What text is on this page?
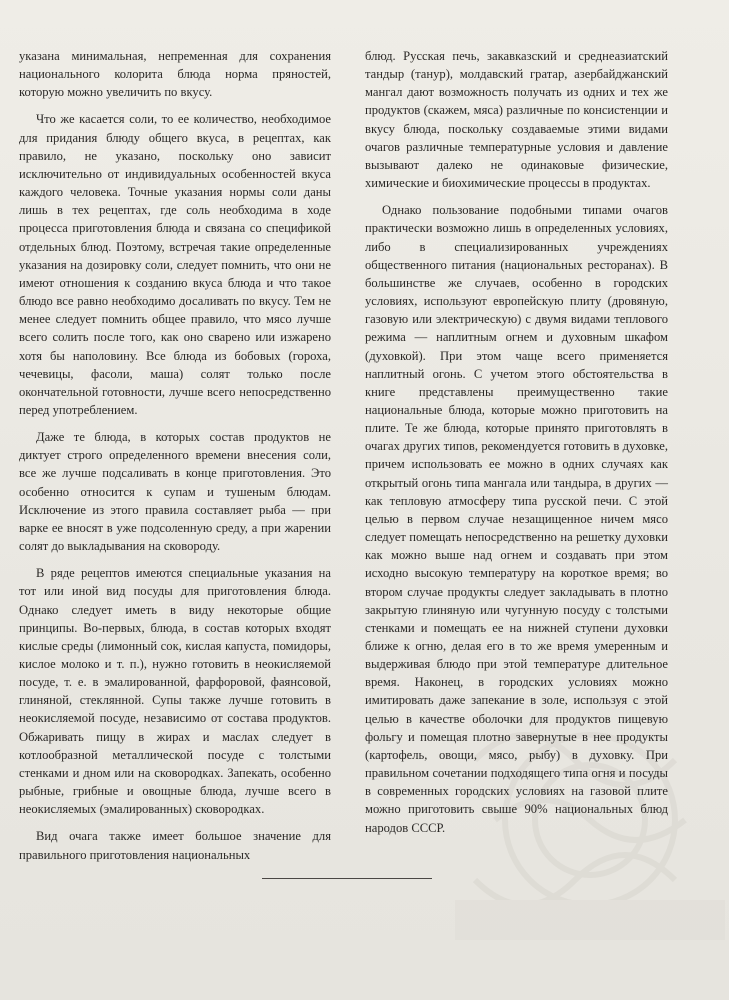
указана минимальная, непременная для сохранения национального колорита блюда норма пряностей, которую можно увеличить по вкусу.

Что же касается соли, то ее количество, необходимое для придания блюду общего вкуса, в рецептах, как правило, не указано, поскольку оно зависит исключительно от индивидуальных особенностей вкуса каждого человека. Точные указания нормы соли даны лишь в тех рецептах, где соль необходима в ходе процесса приготовления блюда и связана со спецификой отдельных блюд. Поэтому, встречая такие определенные указания на дозировку соли, следует помнить, что они не имеют отношения к созданию вкуса блюда и что такое блюдо все равно необходимо досаливать по вкусу. Тем не менее следует помнить общее правило, что мясо лучше всего солить после того, как оно сварено или изжарено хотя бы наполовину. Все блюда из бобовых (гороха, чечевицы, фасоли, маша) солят только после окончательной готовности, лучше всего непосредственно перед употреблением.

Даже те блюда, в которых состав продуктов не диктует строго определенного времени внесения соли, все же лучше подсаливать в конце приготовления. Это особенно относится к супам и тушеным блюдам. Исключение из этого правила составляет рыба — при варке ее вносят в уже подсоленную среду, а при жарении солят до выкладывания на сковороду.

В ряде рецептов имеются специальные указания на тот или иной вид посуды для приготовления блюда. Однако следует иметь в виду некоторые общие принципы. Во-первых, блюда, в состав которых входят кислые среды (лимонный сок, кислая капуста, помидоры, кислое молоко и т. п.), нужно готовить в неокисляемой посуде, т. е. в эмалированной, фарфоровой, фаянсовой, глиняной, стеклянной. Супы также лучше готовить в неокисляемой посуде, независимо от состава продуктов. Обжаривать пищу в жирах и маслах следует в котлообразной металлической посуде с толстыми стенками и дном или на сковородках. Запекать, особенно рыбные, грибные и овощные блюда, лучше всего в неокисляемых (эмалированных) сковородках.

Вид очага также имеет большое значение для правильного приготовления национальных

блюд. Русская печь, закавказский и среднеазиатский тандыр (тануp), молдавский гратар, азербайджанский мангал дают возможность получать из одних и тех же продуктов (скажем, мяса) различные по консистенции и вкусу блюда, поскольку создаваемые этими видами очагов различные температурные условия и давление вызывают далеко не одинаковые физические, химические и биохимические процессы в продуктах.

Однако пользование подобными типами очагов практически возможно лишь в определенных условиях, либо в специализированных учреждениях общественного питания (национальных ресторанах). В большинстве же случаев, особенно в городских условиях, используют европейскую плиту (дровяную, газовую или электрическую) с двумя видами теплового режима — наплитным огнем и духовным шкафом (духовкой). При этом чаще всего применяется наплитный огонь. С учетом этого обстоятельства в книге представлены преимущественно такие национальные блюда, которые можно приготовить на плите. Те же блюда, которые принято приготовлять в очагах других типов, рекомендуется готовить в духовке, причем использовать ее можно в одних случаях как открытый огонь типа мангала или тандыра, в других — как тепловую атмосферу типа русской печи. С этой целью в первом случае незащищенное ничем мясо следует помещать непосредственно на решетку духовки как можно выше над огнем и создавать при этом исходно высокую температуру на короткое время; во втором случае продукты следует закладывать в плотно закрытую глиняную или чугунную посуду с толстыми стенками и помещать ее на нижней ступени духовки ближе к огню, делая его в то же время умеренным и выдерживая блюдо при этой температуре длительное время. Наконец, в городских условиях можно имитировать даже запекание в золе, используя с этой целью в качестве оболочки для продуктов пищевую фольгу и помещая плотно завернутые в нее продукты (картофель, овощи, мясо, рыбу) в духовку. При правильном сочетании подходящего типа огня и посуды в современных городских условиях на газовой плите можно приготовить свыше 90% национальных блюд народов СССР.
